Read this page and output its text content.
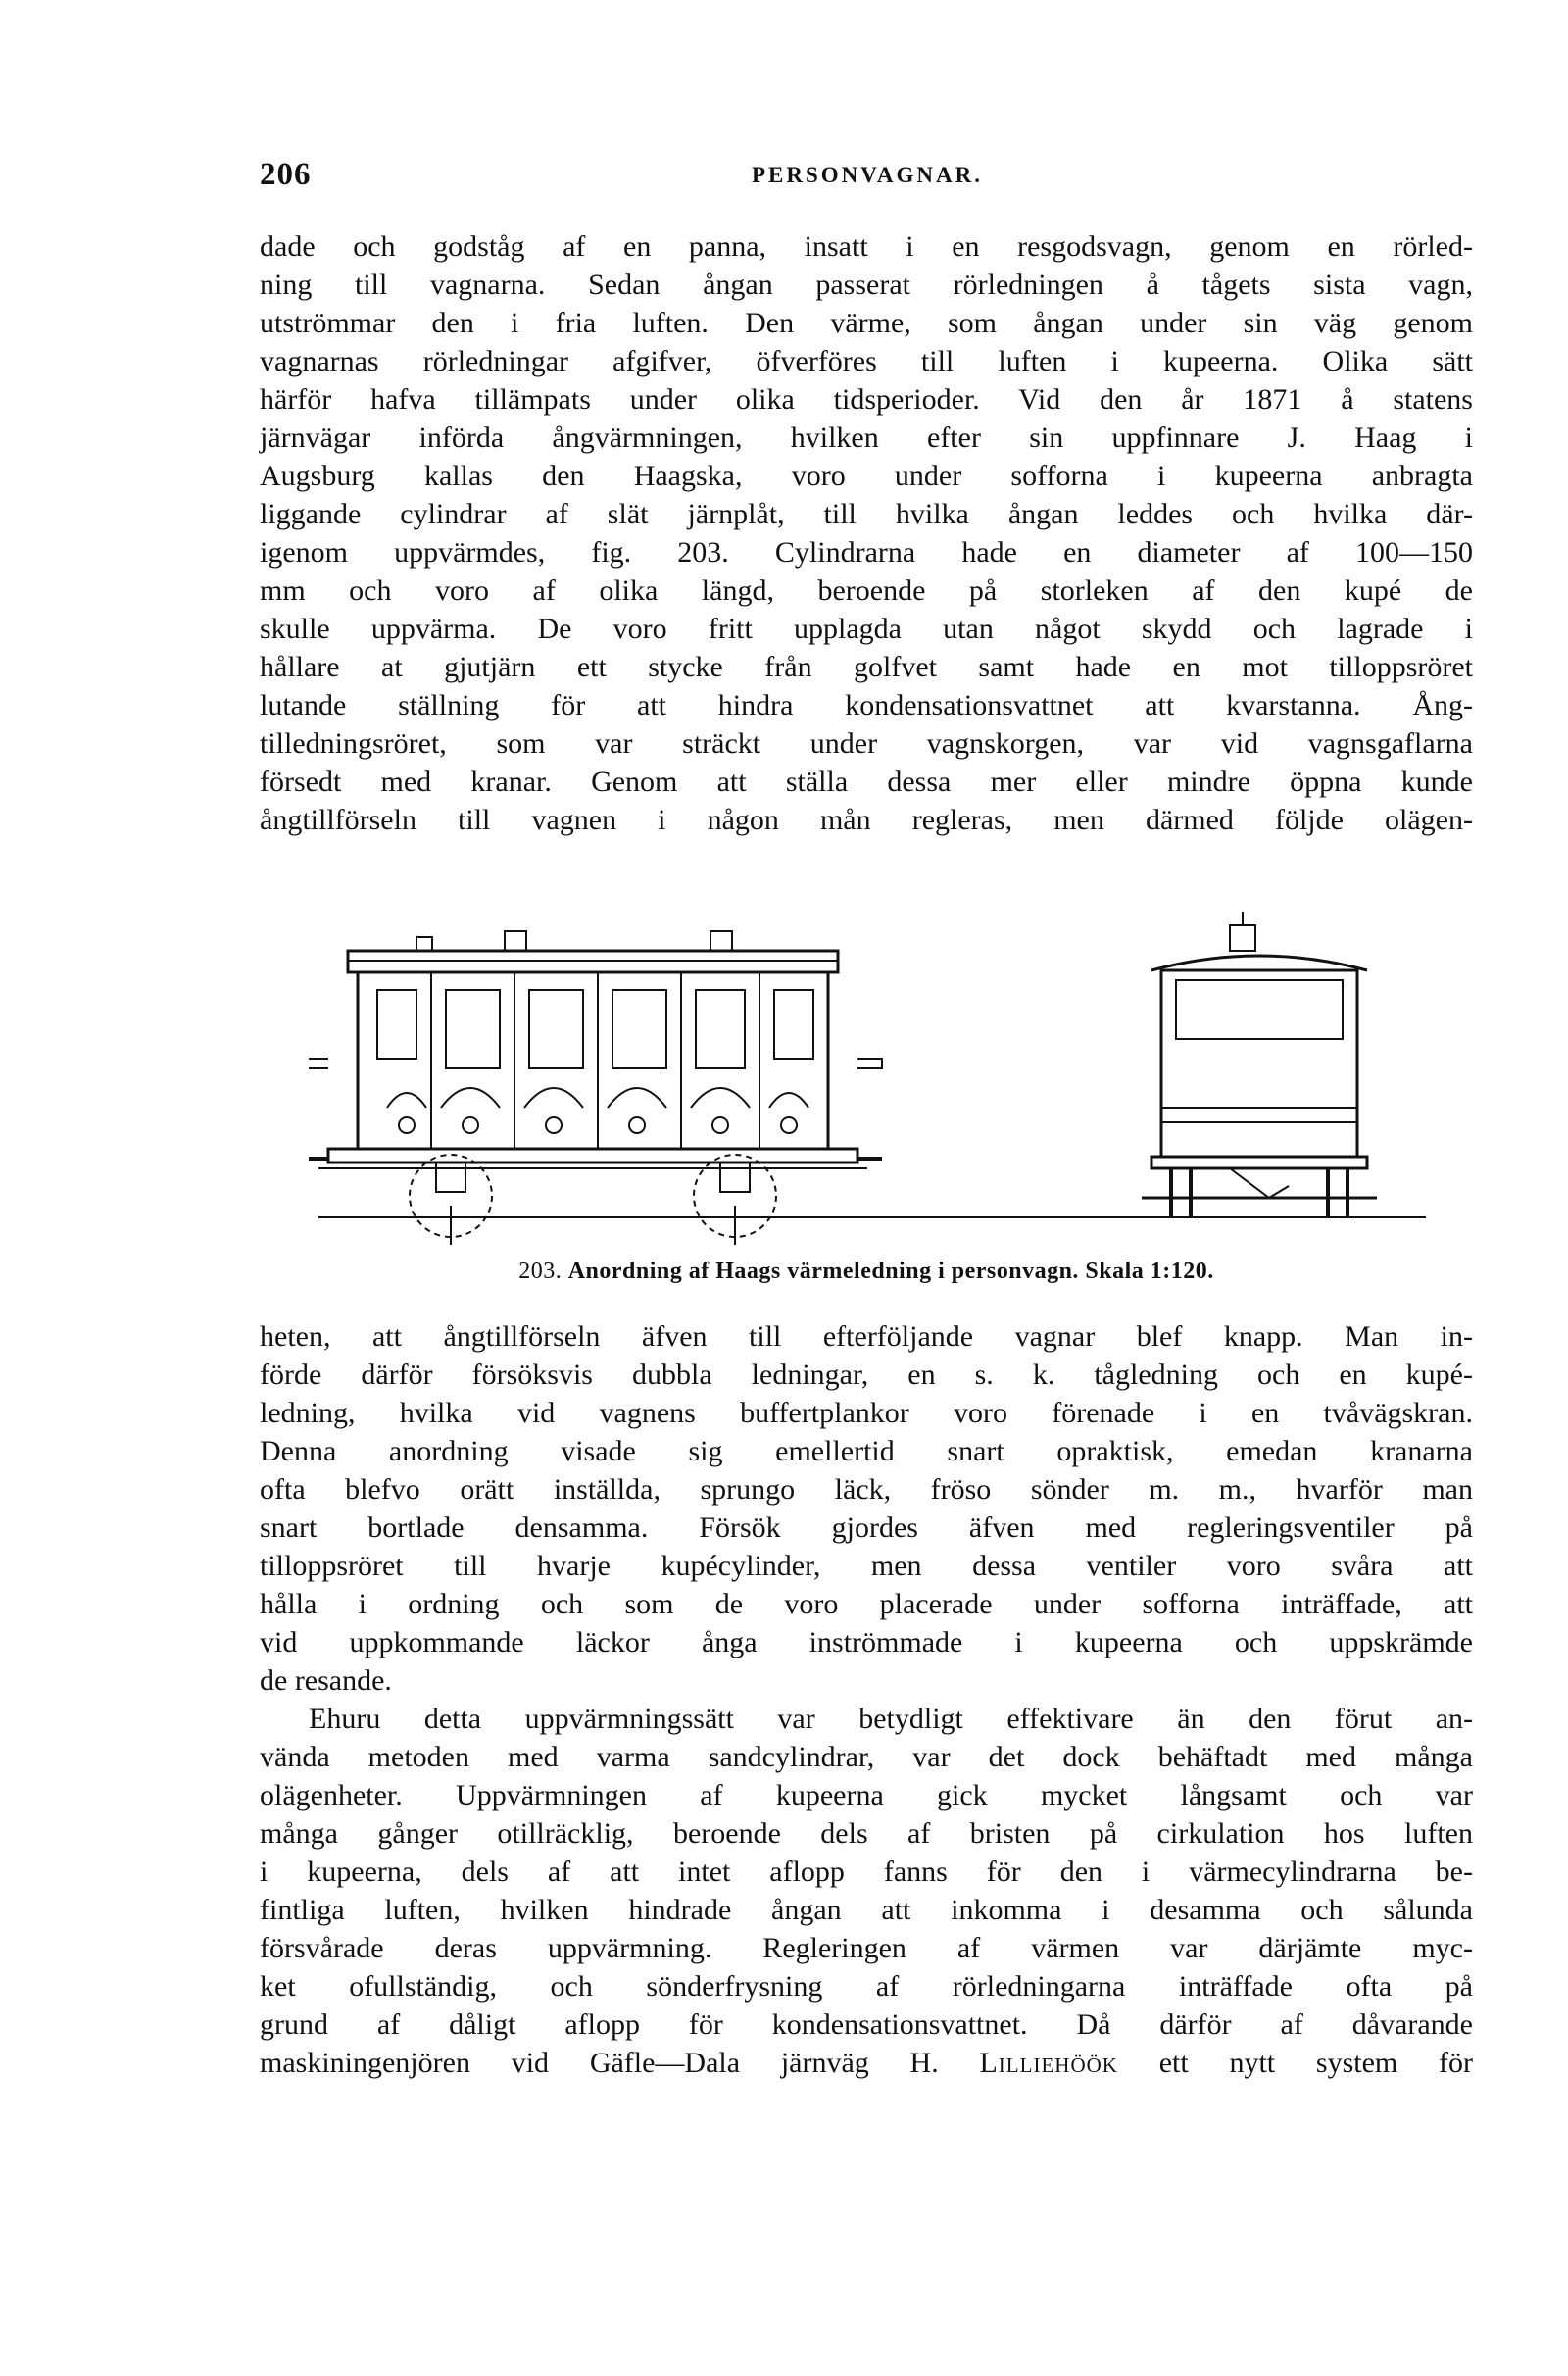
206	PERSONVAGNAR.

dade och godståg af en panna, insatt i en resgodsvagn, genom en rörled-

ning till vagnarna. Sedan ångan passerat rörledningen å tågets sista vagn,

utströmmar den i fria luften. Den värme, som ångan under sin väg genom

vagnarnas rörledningar afgifver, öfverföres till luften i kupeerna. Olika sätt

härför hafva tillämpats under olika tidsperioder. Vid den år 1871 å statens

järnvägar införda ångvärmningen, hvilken efter sin uppfinnare J. Haag i

Augsburg kallas den Haagska, voro under sofforna i kupeerna anbragta

liggande cylindrar af slät järnplåt, till hvilka ångan leddes och hvilka där-

igenom uppvärmdes, fig. 203. Cylindrarna hade en diameter af 100—150

mm och voro af olika längd, beroende på storleken af den kupé de

skulle uppvärma. De voro fritt upplagda utan något skydd och lagrade i

hållare at gjutjärn ett stycke från golfvet samt hade en mot tilloppsröret

lutande ställning för att hindra kondensationsvattnet att kvarstanna. Ång-

tilledningsröret, som var sträckt under vagnskorgen, var vid vagnsgaflarna

försedt med kranar. Genom att ställa dessa mer eller mindre öppna kunde

ångtillförseln till vagnen i någon mån regleras, men därmed följde olägen-

203. Anordning af Haags värmeledning i personvagn. Skala 1:120.

heten, att ångtillförseln äfven till efterföljande vagnar blef knapp. Man in-

förde därför försöksvis dubbla ledningar, en s. k. tågledning och en kupé-

ledning, hvilka vid vagnens buffertplankor voro förenade i en tvåvägskran.

Denna anordning visade sig emellertid snart opraktisk, emedan kranarna

ofta blefvo orätt inställda, sprungo läck, fröso sönder m. m., hvarför man

snart bortlade densamma. Försök gjordes äfven med regleringsventiler på

tilloppsröret till hvarje kupécylinder, men dessa ventiler voro svåra att

hålla i ordning och som de voro placerade under sofforna inträffade, att

vid uppkommande läckor ånga inströmmade i kupeerna och uppskrämde

de resande.

Ehuru detta uppvärmningssätt var betydligt effektivare än den förut an-

vända metoden med varma sandcylindrar, var det dock behäftadt med många

olägenheter. Uppvärmningen af kupeerna gick mycket långsamt och var

många gånger otillräcklig, beroende dels af bristen på cirkulation hos luften

i kupeerna, dels af att intet aflopp fanns för den i värmecylindrarna be-

fintliga luften, hvilken hindrade ångan att inkomma i desamma och sålunda

försvårade deras uppvärmning. Regleringen af värmen var därjämte myc-

ket ofullständig, och sönderfrysning af rörledningarna inträffade ofta på

grund af dåligt aflopp för kondensationsvattnet. Då därför af dåvarande

maskiningenjören vid Gäfle—Dala järnväg H. Lilliehöök ett nytt system för
